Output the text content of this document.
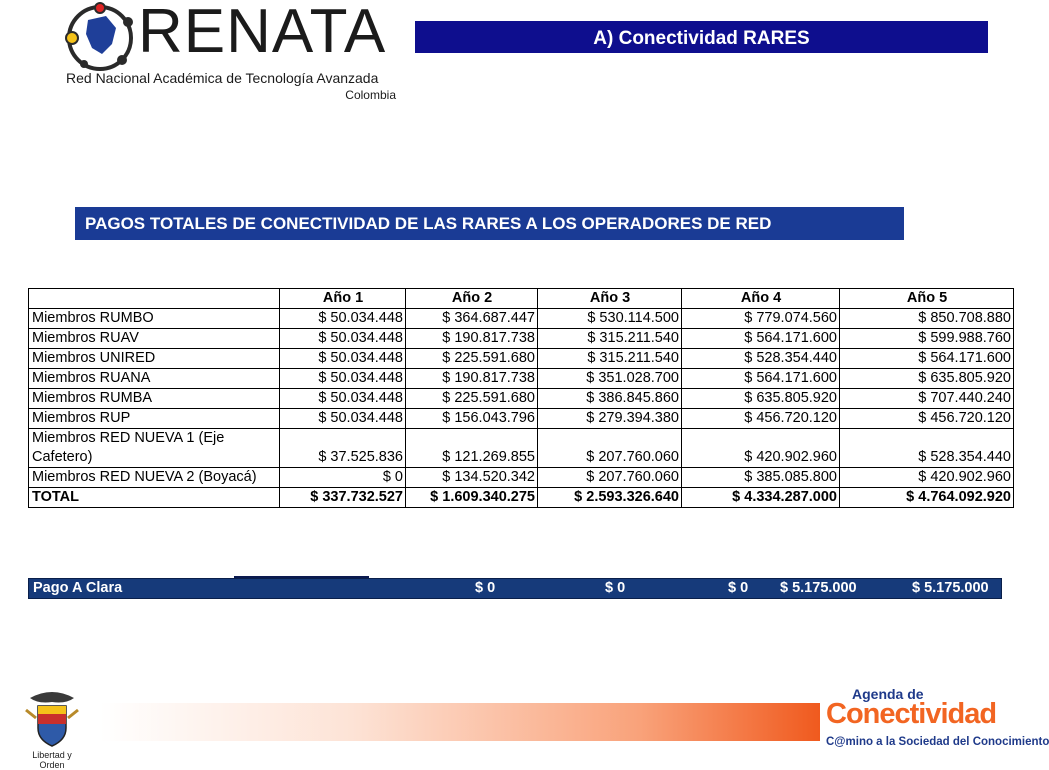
RENATA
Red Nacional Académica de Tecnología Avanzada
Colombia
A) Conectividad RARES
PAGOS TOTALES DE CONECTIVIDAD DE LAS RARES A LOS OPERADORES DE RED
	Año 1	Año 2	Año 3	Año 4	Año 5
Miembros RUMBO	$ 50.034.448	$ 364.687.447	$ 530.114.500	$ 779.074.560	$ 850.708.880
Miembros RUAV	$ 50.034.448	$ 190.817.738	$ 315.211.540	$ 564.171.600	$ 599.988.760
Miembros UNIRED	$ 50.034.448	$ 225.591.680	$ 315.211.540	$ 528.354.440	$ 564.171.600
Miembros RUANA	$ 50.034.448	$ 190.817.738	$ 351.028.700	$ 564.171.600	$ 635.805.920
Miembros RUMBA	$ 50.034.448	$ 225.591.680	$ 386.845.860	$ 635.805.920	$ 707.440.240
Miembros RUP	$ 50.034.448	$ 156.043.796	$ 279.394.380	$ 456.720.120	$ 456.720.120
Miembros RED NUEVA 1 (Eje Cafetero)	$ 37.525.836	$ 121.269.855	$ 207.760.060	$ 420.902.960	$ 528.354.440
Miembros RED NUEVA 2 (Boyacá)	$ 0	$ 134.520.342	$ 207.760.060	$ 385.085.800	$ 420.902.960
TOTAL	$ 337.732.527	$ 1.609.340.275	$ 2.593.326.640	$ 4.334.287.000	$ 4.764.092.920
Pago A Clara	$ 0	$ 0	$ 0 $ 5.175.000	$ 5.175.000
Libertad y Orden
Agenda de
Conectividad
C@mino a la Sociedad del Conocimiento
